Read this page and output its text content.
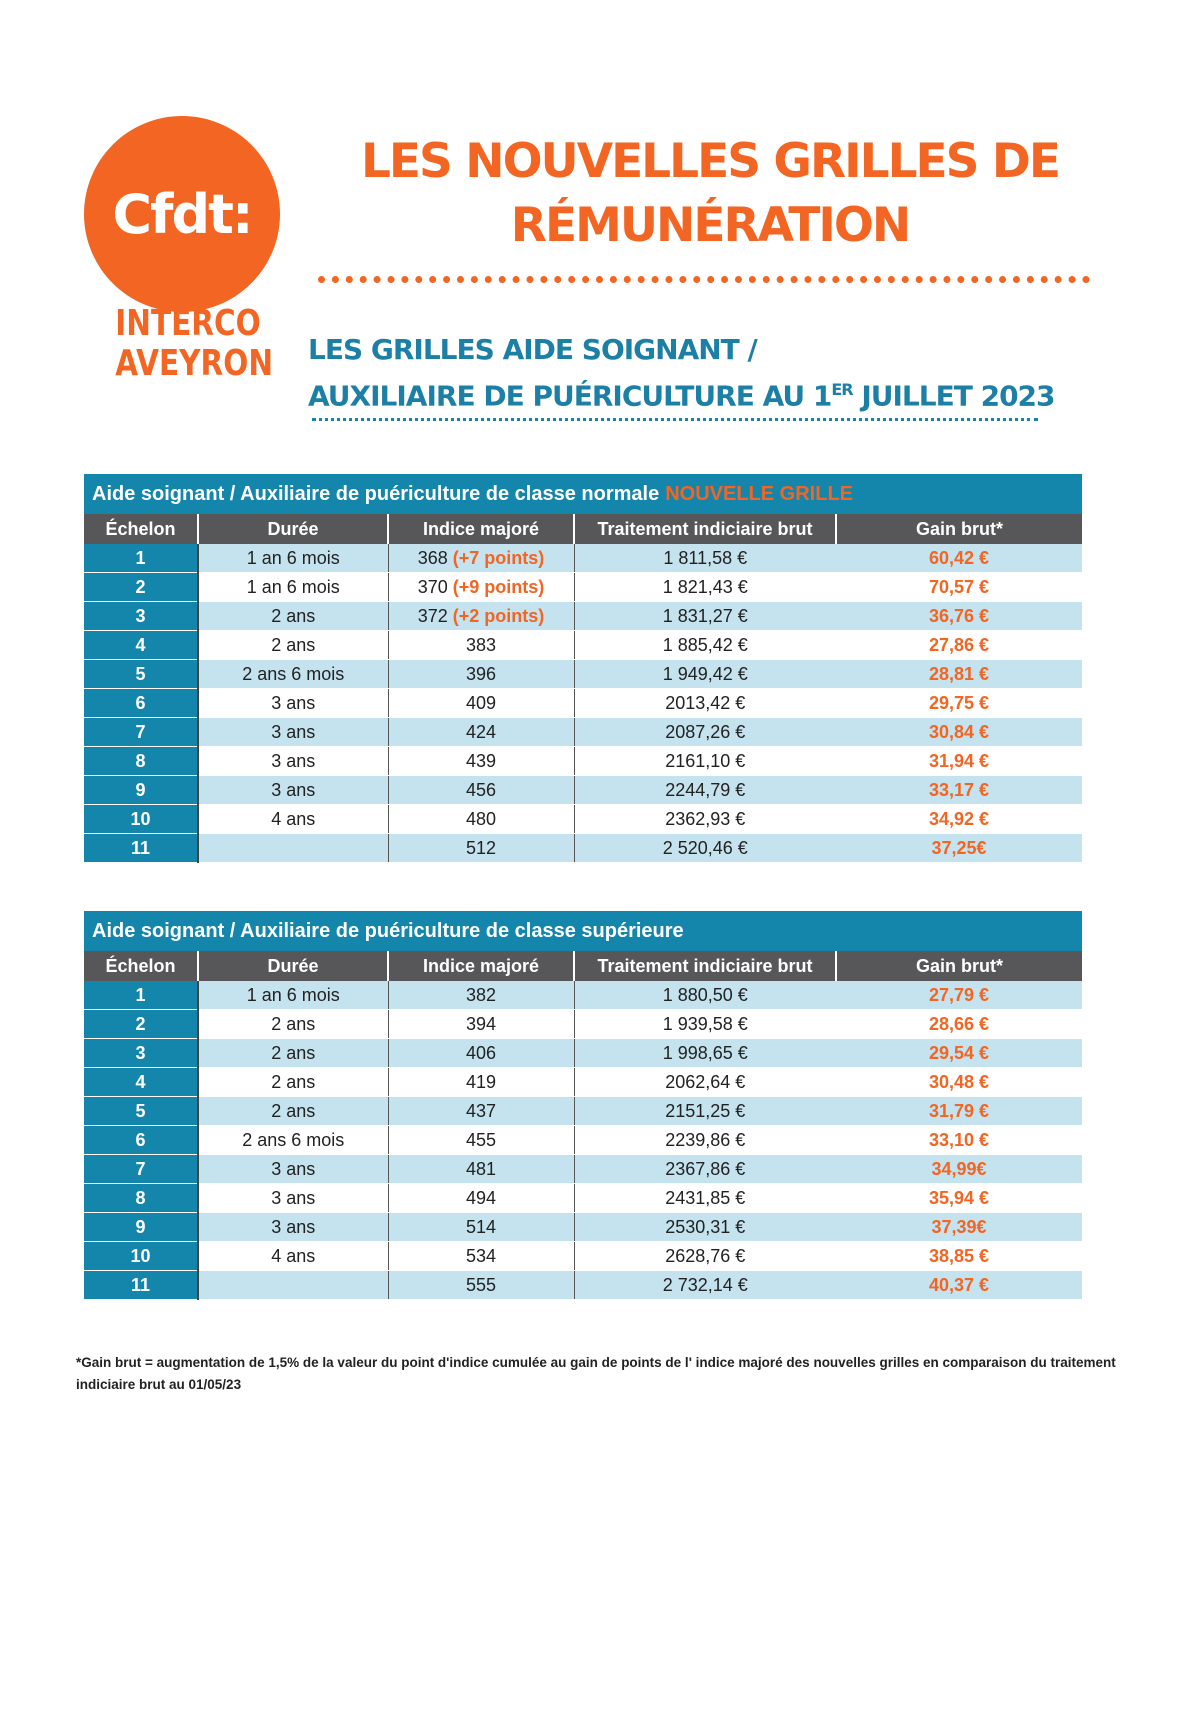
Cfdt:
INTERCO
AVEYRON
LES NOUVELLES GRILLES DE
RÉMUNÉRATION
LES GRILLES AIDE SOIGNANT /
AUXILIAIRE DE PUÉRICULTURE AU 1ER JUILLET 2023
Aide soignant / Auxiliaire de puériculture de classe normale NOUVELLE GRILLE
Échelon	Durée	Indice majoré	Traitement indiciaire brut	Gain brut*
1	1 an 6 mois	368 (+7 points)	1 811,58 €	60,42 €
2	1 an 6 mois	370 (+9 points)	1 821,43 €	70,57 €
3	2 ans	372 (+2 points)	1 831,27 €	36,76 €
4	2 ans	383	1 885,42 €	27,86 €
5	2 ans 6 mois	396	1 949,42 €	28,81 €
6	3 ans	409	2013,42 €	29,75 €
7	3 ans	424	2087,26 €	30,84 €
8	3 ans	439	2161,10 €	31,94 €
9	3 ans	456	2244,79 €	33,17 €
10	4 ans	480	2362,93 €	34,92 €
11		512	2 520,46 €	37,25€
Aide soignant / Auxiliaire de puériculture de classe supérieure
Échelon	Durée	Indice majoré	Traitement indiciaire brut	Gain brut*
1	1 an 6 mois	382	1 880,50 €	27,79 €
2	2 ans	394	1 939,58 €	28,66 €
3	2 ans	406	1 998,65 €	29,54 €
4	2 ans	419	2062,64 €	30,48 €
5	2 ans	437	2151,25 €	31,79 €
6	2 ans 6 mois	455	2239,86 €	33,10 €
7	3 ans	481	2367,86 €	34,99€
8	3 ans	494	2431,85 €	35,94 €
9	3 ans	514	2530,31 €	37,39€
10	4 ans	534	2628,76 €	38,85 €
11		555	2 732,14 €	40,37 €
*Gain brut = augmentation de 1,5% de la valeur du point d'indice cumulée au gain de points de l' indice majoré des nouvelles grilles en comparaison du traitement indiciaire brut au 01/05/23
